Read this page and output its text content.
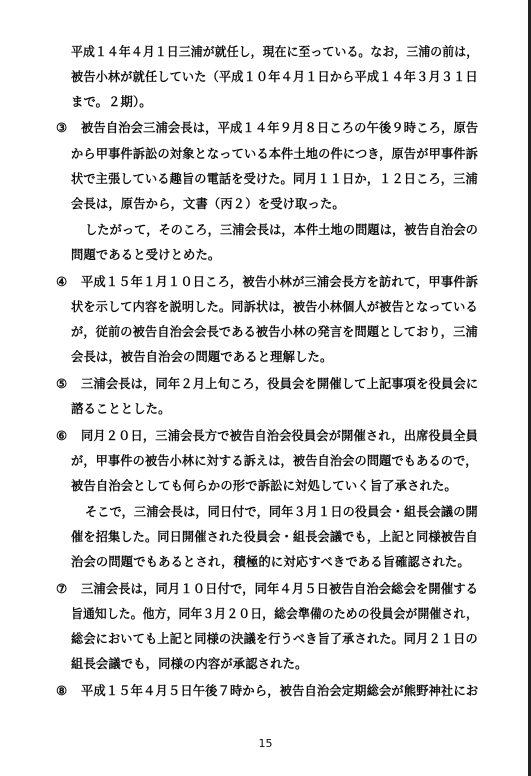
平成１４年４月１日三浦が就任し，現在に至っている。なお，三浦の前は，
被告小林が就任していた（平成１０年４月１日から平成１４年３月３１日
まで。２期）。
③ 被告自治会三浦会長は，平成１４年９月８日ころの午後９時ころ，原告
から甲事件訴訟の対象となっている本件土地の件につき，原告が甲事件訴
状で主張している趣旨の電話を受けた。同月１１日か，１２日ころ，三浦
会長は，原告から，文書（丙２）を受け取った。
したがって，そのころ，三浦会長は，本件土地の問題は，被告自治会の
問題であると受けとめた。
④ 平成１５年１月１０日ころ，被告小林が三浦会長方を訪れて，甲事件訴
状を示して内容を説明した。同訴状は，被告小林個人が被告となっている
が，従前の被告自治会会長である被告小林の発言を問題としており，三浦
会長は，被告自治会の問題であると理解した。
⑤ 三浦会長は，同年２月上旬ころ，役員会を開催して上記事項を役員会に
諮ることとした。
⑥ 同月２０日，三浦会長方で被告自治会役員会が開催され，出席役員全員
が，甲事件の被告小林に対する訴えは，被告自治会の問題でもあるので，
被告自治会としても何らかの形で訴訟に対処していく旨了承された。
そこで，三浦会長は，同日付で，同年３月１日の役員会・組長会議の開
催を招集した。同日開催された役員会・組長会議でも，上記と同様被告自
治会の問題でもあるとされ，積極的に対応すべきである旨確認された。
⑦ 三浦会長は，同月１０日付で，同年４月５日被告自治会総会を開催する
旨通知した。他方，同年３月２０日，総会準備のための役員会が開催され，
総会においても上記と同様の決議を行うべき旨了承された。同月２１日の
組長会議でも，同様の内容が承認された。
⑧ 平成１５年４月５日午後７時から，被告自治会定期総会が熊野神社にお
15
